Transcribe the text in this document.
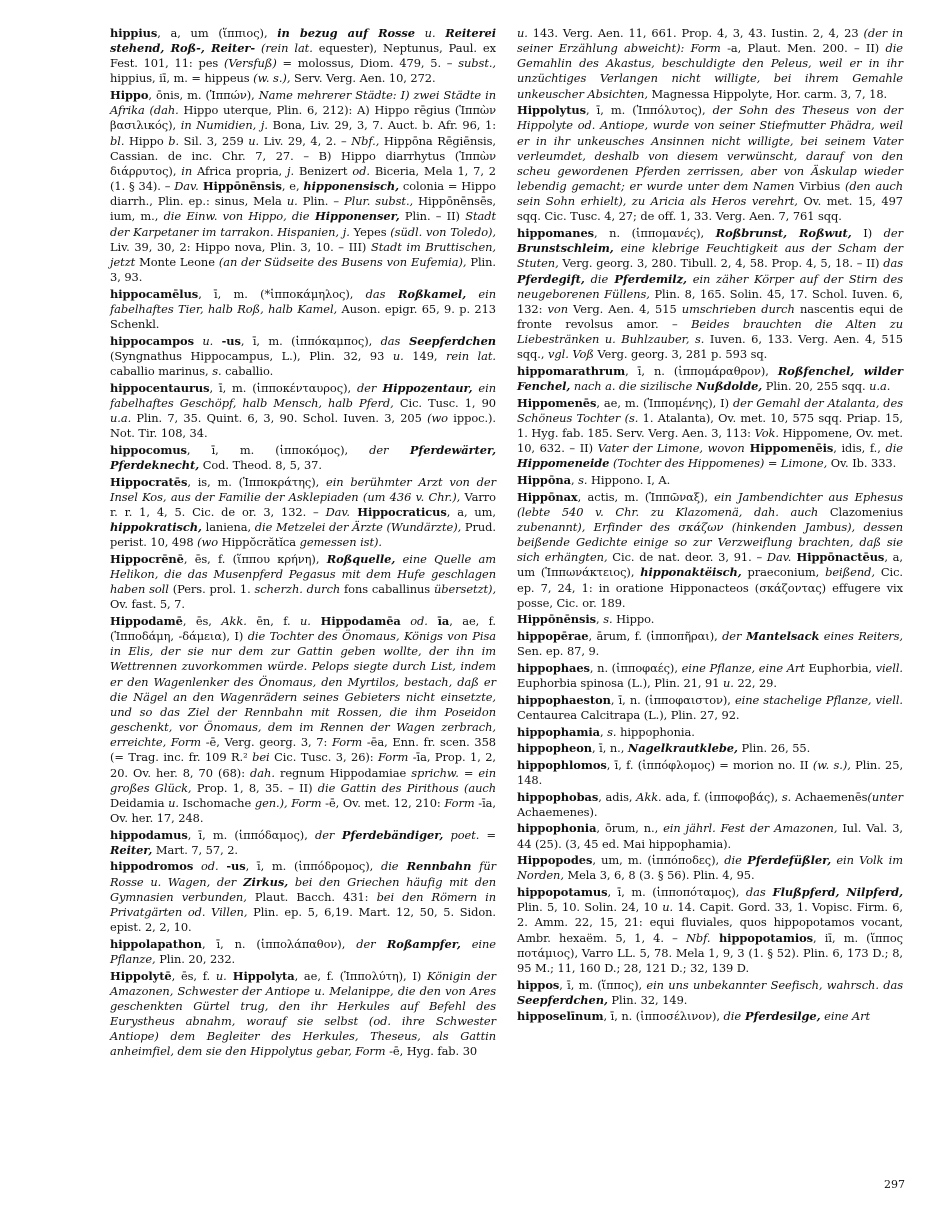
hippius, a, um (ἵππιος), in bezug auf Rosse u. Reiterei stehend, Roß-, Reiter- (rein lat. equester), Neptunus, Paul. ex Fest. 101, 11: pes (Versfuß) = molossus, Diom. 479, 5. – subst., hippius, iī, m. = hippeus (w. s.), Serv. Verg. Aen. 10, 272.

Hippo, ōnis, m. (Ἱππών), Name mehrerer Städte: I) zwei Städte in Afrika (dah. Hippo uterque, Plin. 6, 212): A) Hippo rēgius (Ἱππὼν βασιλικός), in Numidien, j. Bona, Liv. 29, 3, 7. Auct. b. Afr. 96, 1: bl. Hippo b. Sil. 3, 259 u. Liv. 29, 4, 2. – Nbf., Hippōna Rēgiēnsis, Cassian. de inc. Chr. 7, 27. – B) Hippo diarrhytus (Ἱππὼν διάρρυτος), in Africa propria, j. Benizert od. Biceria, Mela 1, 7, 2 (1. § 34). – Dav. Hippōnēnsis, e, hipponensisch, colonia = Hippo diarrh., Plin. ep.: sinus, Mela u. Plin. – Plur. subst., Hippōnēnsēs, ium, m., die Einw. von Hippo, die Hipponenser, Plin. – II) Stadt der Karpetaner im tarrakon. Hispanien, j. Yepes (südl. von Toledo), Liv. 39, 30, 2: Hippo nova, Plin. 3, 10. – III) Stadt im Bruttischen, jetzt Monte Leone (an der Südseite des Busens von Eufemia), Plin. 3, 93.

hippocamēlus, ī, m. (*ἱπποκάμηλος), das Roßkamel, ein fabelhaftes Tier, halb Roß, halb Kamel, Auson. epigr. 65, 9. p. 213 Schenkl.

hippocampos u. -us, ī, m. (ἱππόκαμπος), das Seepferdchen (Syngnathus Hippocampus, L.), Plin. 32, 93 u. 149, rein lat. caballio marinus, s. caballio.

hippocentaurus, ī, m. (ἱπποκένταυρος), der Hippozentaur, ein fabelhaftes Geschöpf, halb Mensch, halb Pferd, Cic. Tusc. 1, 90 u.a. Plin. 7, 35. Quint. 6, 3, 90. Schol. Iuven. 3, 205 (wo ippoc.). Not. Tir. 108, 34.

hippocomus, ī, m. (ἱπποκόμος), der Pferdewärter, Pferdeknecht, Cod. Theod. 8, 5, 37.

Hippocratēs, is, m. (Ἱπποκράτης), ein berühmter Arzt von der Insel Kos, aus der Familie der Asklepiaden (um 436 v. Chr.), Varro r. r. 1, 4, 5. Cic. de or. 3, 132. – Dav. Hippocraticus, a, um, hippokratisch, lanienа, die Metzelei der Ärzte (Wundärzte), Prud. perist. 10, 498 (wo Hippŏcrătĭca gemessen ist).

Hippocrēnē, ēs, f. (ἵππου κρήνη), Roßquelle, eine Quelle am Helikon, die das Musenpferd Pegasus mit dem Hufe geschlagen haben soll (Pers. prol. 1. scherzh. durch fons caballinus übersetzt), Ov. fast. 5, 7.

Hippodamē, ēs, Akk. ēn, f. u. Hippodamēa od. īa, ae, f. (Ἱπποδάμη, -δάμεια), I) die Tochter des Önomaus, Königs von Pisa in Elis, der sie nur dem zur Gattin geben wollte, der ihn im Wettrennen zuvorkommen würde. Pelops siegte durch List, indem er den Wagenlenker des Önomaus, den Myrtilos, bestach, daß er die Nägel an den Wagenrädern seines Gebieters nicht einsetzte, und so das Ziel der Rennbahn mit Rossen, die ihm Poseidon geschenkt, vor Önomaus, dem im Rennen der Wagen zerbrach, erreichte, Form -ē, Verg. georg. 3, 7: Form -ēa, Enn. fr. scen. 358 (= Trag. inc. fr. 109 R.² bei Cic. Tusc. 3, 26): Form -īa, Prop. 1, 2, 20. Ov. her. 8, 70 (68): dah. regnum Hippodamiae sprichw. = ein großes Glück, Prop. 1, 8, 35. – II) die Gattin des Pirithous (auch Deidamia u. Ischomache gen.), Form -ē, Ov. met. 12, 210: Form -īa, Ov. her. 17, 248.

hippodamus, ī, m. (ἱππόδαμος), der Pferdebändiger, poet. = Reiter, Mart. 7, 57, 2.

hippodromos od. -us, ī, m. (ἱππόδρομος), die Rennbahn für Rosse u. Wagen, der Zirkus, bei den Griechen häufig mit den Gymnasien verbunden, Plaut. Bacch. 431: bei den Römern in Privatgärten od. Villen, Plin. ep. 5, 6,19. Mart. 12, 50, 5. Sidon. epist. 2, 2, 10.

hippolapathon, ī, n. (ἱππολάπαθον), der Roßampfer, eine Pflanze, Plin. 20, 232.

Hippolytē, ēs, f. u. Hippolyta, ae, f. (Ἱππολύτη), I) Königin der Amazonen, Schwester der Antiope u. Melanippe, die den von Ares geschenkten Gürtel trug, den ihr Herkules auf Befehl des Eurystheus abnahm, worauf sie selbst (od. ihre Schwester Antiope) dem Begleiter des Herkules, Theseus, als Gattin anheimfiel, dem sie den Hippolytus gebar, Form -ē, Hyg. fab. 30

u. 143. Verg. Aen. 11, 661. Prop. 4, 3, 43. Iustin. 2, 4, 23 (der in seiner Erzählung abweicht): Form -a, Plaut. Men. 200. – II) die Gemahlin des Akastus, beschuldigte den Peleus, weil er in ihr unzüchtiges Verlangen nicht willigte, bei ihrem Gemahle unkeuscher Absichten, Magnessa Hippolyte, Hor. carm. 3, 7, 18.

Hippolytus, ī, m. (Ἱππόλυτος), der Sohn des Theseus von der Hippolyte od. Antiope, wurde von seiner Stiefmutter Phädra, weil er in ihr unkeusches Ansinnen nicht willigte, bei seinem Vater verleumdet, deshalb von diesem verwünscht, darauf von den scheu gewordenen Pferden zerrissen, aber von Äskulap wieder lebendig gemacht; er wurde unter dem Namen Virbius (den auch sein Sohn erhielt), zu Aricia als Heros verehrt, Ov. met. 15, 497 sqq. Cic. Tusc. 4, 27; de off. 1, 33. Verg. Aen. 7, 761 sqq.

hippomanes, n. (ἱππομανές), Roßbrunst, Roßwut, I) der Brunstschleim, eine klebrige Feuchtigkeit aus der Scham der Stuten, Verg. georg. 3, 280. Tibull. 2, 4, 58. Prop. 4, 5, 18. – II) das Pferdegift, die Pferdemilz, ein zäher Körper auf der Stirn des neugeborenen Füllens, Plin. 8, 165. Solin. 45, 17. Schol. Iuven. 6, 132: von Verg. Aen. 4, 515 umschrieben durch nascentis equi de fronte revolsus amor. – Beides brauchten die Alten zu Liebestränken u. Buhlzauber, s. Iuven. 6, 133. Verg. Aen. 4, 515 sqq., vgl. Voß Verg. georg. 3, 281 p. 593 sq.

hippomarathrum, ī, n. (ἱππομάραθρον), Roßfenchel, wilder Fenchel, nach a. die sizilische Nußdolde, Plin. 20, 255 sqq. u.a.

Hippomenēs, ae, m. (Ἱππομένης), I) der Gemahl der Atalanta, des Schöneus Tochter (s. 1. Atalanta), Ov. met. 10, 575 sqq. Priap. 15, 1. Hyg. fab. 185. Serv. Verg. Aen. 3, 113: Vok. Hippomene, Ov. met. 10, 632. – II) Vater der Limone, wovon Hippomenēis, idis, f., die Hippomeneide (Tochter des Hippomenes) = Limone, Ov. Ib. 333.

Hippōna, s. Hippono. I, A.

Hippōnax, actis, m. (Ἱππῶναξ), ein Jambendichter aus Ephesus (lebte 540 v. Chr. zu Klazomenä, dah. auch Clazomenius zubenannt), Erfinder des σκάζων (hinkenden Jambus), dessen beißende Gedichte einige so zur Verzweiflung brachten, daß sie sich erhängten, Cic. de nat. deor. 3, 91. – Dav. Hippōnactēus, a, um (Ἱππωνάκτειος), hipponaktëisch, praeconium, beißend, Cic. ep. 7, 24, 1: in oratione Hipponacteos (σκάζοντας) effugere vix posse, Cic. or. 189.

Hippōnēnsis, s. Hippo.

hippopērae, ārum, f. (ἱπποπῆραι), der Mantelsack eines Reiters, Sen. ep. 87, 9.

hippophaes, n. (ἱπποφαές), eine Pflanze, eine Art Euphorbia, viell. Euphorbia spinosa (L.), Plin. 21, 91 u. 22, 29.

hippophaeston, ī, n. (ἱπποφαιστον), eine stachelige Pflanze, viell. Centaurea Calcitrapa (L.), Plin. 27, 92.

hippophamia, s. hippophonia.

hippopheon, ī, n., Nagelkrautklebe, Plin. 26, 55.

hippophlomos, ī, f. (ἱππόφλομος) = morion no. II (w. s.), Plin. 25, 148.

hippophobas, adis, Akk. ada, f. (ἱπποφοβάς), s. Achaemenēs(unter Achaemenes).

hippophonia, ōrum, n., ein jährl. Fest der Amazonen, Iul. Val. 3, 44 (25). (3, 45 ed. Mai hippophamia).

Hippopodes, um, m. (ἱππόποδες), die Pferdefüßler, ein Volk im Norden, Mela 3, 6, 8 (3. § 56). Plin. 4, 95.

hippopotamus, ī, m. (ἱπποπόταμος), das Flußpferd, Nilpferd, Plin. 5, 10. Solin. 24, 10 u. 14. Capit. Gord. 33, 1. Vopisc. Firm. 6, 2. Amm. 22, 15, 21: equi fluviales, quos hippopotamos vocant, Ambr. hexaëm. 5, 1, 4. – Nbf. hippopotamios, iī, m. (ἵππος ποτάμιος), Varro LL. 5, 78. Mela 1, 9, 3 (1. § 52). Plin. 6, 173 D.; 8, 95 M.; 11, 160 D.; 28, 121 D.; 32, 139 D.

hippos, ī, m. (ἵππος), ein uns unbekannter Seefisch, wahrsch. das Seepferdchen, Plin. 32, 149.

hipposelīnum, ī, n. (ἱπποσέλινον), die Pferdesilge, eine Art

297
